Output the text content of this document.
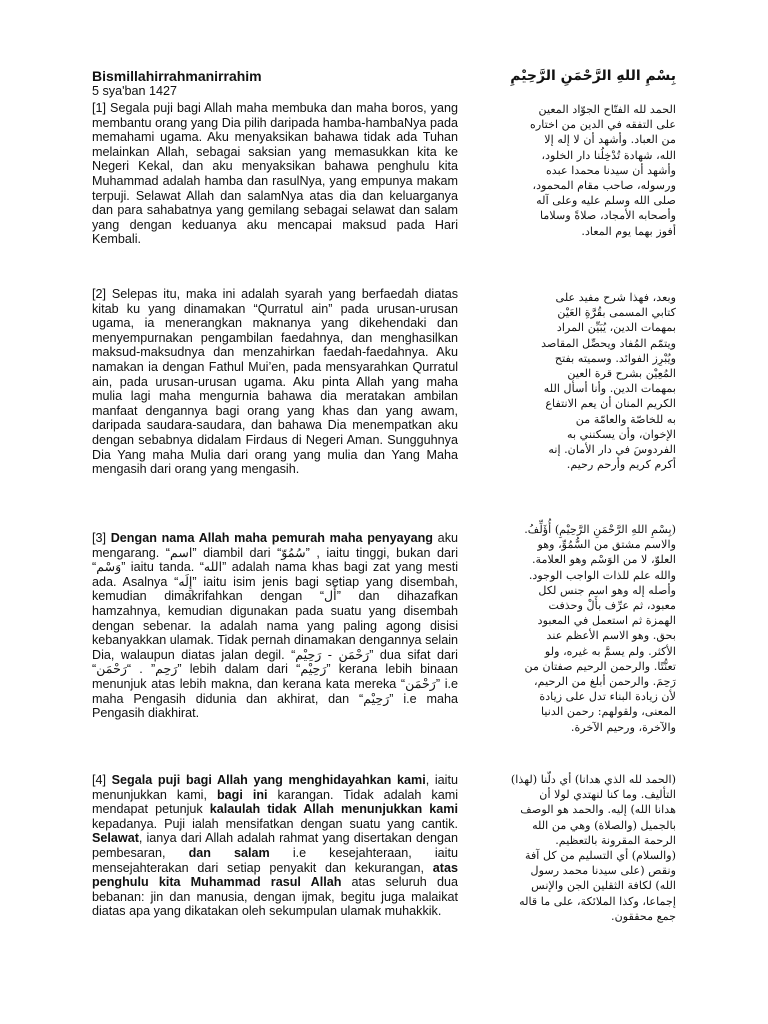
Bismillahirrahmanirrahim
5 sya'ban 1427
بِسْمِ اللهِ الرَّحْمَنِ الرَّحِيْمِ
[1] Segala puji bagi Allah maha membuka dan maha boros, yang membantu orang yang Dia pilih daripada hamba-hambaNya pada memahami ugama. Aku menyaksikan bahawa tidak ada Tuhan melainkan Allah, sebagai saksian yang memasukkan kita ke Negeri Kekal, dan aku menyaksikan bahawa penghulu kita Muhammad adalah hamba dan rasulNya, yang empunya makam terpuji. Selawat Allah dan salamNya atas dia dan keluarganya dan para sahabatnya yang gemilang sebagai selawat dan salam yang dengan keduanya aku mencapai maksud pada Hari Kembali.
الحمد لله الفتّاح الجوّاد المعين
على التفقه في الدين من اختاره
من العباد. وأشهد أن لا إله إلا
الله، شهادة تُدْخِلُنا دار الخلود،
وأشهد أن سيدنا محمدا عبده
ورسوله، صاحب مقام المحمود،
صلى الله وسلم عليه وعلى آله
وأصحابه الأمجاد، صلاةً وسلاما
أفوز بهما يوم المعاد.
[2] Selepas itu, maka ini adalah syarah yang berfaedah diatas kitab ku yang dinamakan “Qurratul ain” pada urusan-urusan ugama, ia menerangkan maknanya yang dikehendaki dan menyempurnakan pengambilan faedahnya, dan menghasilkan maksud-maksudnya dan menzahirkan faedah-faedahnya. Aku namakan ia dengan Fathul Mui’en, pada mensyarahkan Qurratul ain, pada urusan-urusan ugama. Aku pinta Allah yang maha mulia lagi maha mengurnia bahawa dia meratakan ambilan manfaat dengannya bagi orang yang khas dan yang awam, daripada saudara-saudara, dan bahawa Dia menempatkan aku dengan sebabnya didalam Firdaus di Negeri Aman. Sungguhnya Dia Yang maha Mulia dari orang yang mulia dan Yang Maha mengasih dari orang yang mengasih.
وبعد، فهذا شرح مفيد على
كتابي المسمى بقُرَّةِ العَيْن
بمهمات الدين، يُبَيِّن المراد
ويتمّم المُفاد ويحصِّل المقاصد
ويُبْرِز الفوائد. وسميته بفتح
المُعِيْن بشرح قرة العين
بمهمات الدين. وأنا أسأل الله
الكريم المنان أن يعم الانتفاع
به للخاصّة والعامّة من
الإخوان، وأن يسكنني به
الفردوسَ في دار الأمان. إنه
أكرم كريم وأرحم رحيم.
[3] Dengan nama Allah maha pemurah maha penyayang aku mengarang. “اسم” diambil dari “سُمُوّ” , iaitu tinggi, bukan dari “وَسْم” iaitu tanda. “الله” adalah nama khas bagi zat yang mesti ada. Asalnya “إِلَه” iaitu isim jenis bagi setiap yang disembah, kemudian dimakrifahkan dengan “أَل” dan dihazafkan hamzahnya, kemudian digunakan pada suatu yang disembah dengan sebenar. Ia adalah nama yang paling agong disisi kebanyakkan ulamak. Tidak pernah dinamakan dengannya selain Dia, walaupun diatas jalan degil. “رَحْمَن - رَحِيْم” dua sifat dari “رَحِم” . “رَحْمَن” lebih dalam dari “رَحِيْم” kerana lebih binaan menunjuk atas lebih makna, dan kerana kata mereka “رَحْمَن” i.e maha Pengasih didunia dan akhirat, dan “رَحِيْم” i.e maha Pengasih diakhirat.
(بِسْمِ اللهِ الرَّحْمَنِ الرَّحِيْمِ) أُؤَلِّفُ.
والاسم مشتق من السُّمُوِّ، وهو
العلوّ، لا من الوَسْم وهو العلامة.
والله علم للذات الواجب الوجود.
وأصله إله وهو اسم جنس لكل
معبود، ثم عرِّف بأَلْ وحذفت
الهمزة ثم استعمل في المعبود
بحق. وهو الاسم الأعظم عند
الأكثر. ولم يسمَّ به غيره، ولو
تعنُّتًا. والرحمن الرحيم صفتان من
رَحِمَ. والرحمن أبلغ من الرحيم،
لأن زيادة البناء تدل على زيادة
المعنى، ولقولهم: رحمن الدنيا
والآخرة، ورحيم الآخرة.
[4] Segala puji bagi Allah yang menghidayahkan kami, iaitu menunjukkan kami, bagi ini karangan. Tidak adalah kami mendapat petunjuk kalaulah tidak Allah menunjukkan kami kepadanya. Puji ialah mensifatkan dengan suatu yang cantik. Selawat, ianya dari Allah adalah rahmat yang disertakan dengan pembesaran, dan salam i.e kesejahteraan, iaitu mensejahterakan dari setiap penyakit dan kekurangan, atas penghulu kita Muhammad rasul Allah atas seluruh dua bebanan: jin dan manusia, dengan ijmak, begitu juga malaikat diatas apa yang dikatakan oleh sekumpulan ulamak muhakkik.
(الحمد لله الذي هدانا) أي دلّنا (لهذا)
التأليف. وما كنا لنهتدي لولا أن
هدانا الله) إليه. والحمد هو الوصف
بالجميل (والصلاة) وهي من الله
الرحمة المقرونة بالتعظيم.
(والسلام) أي التسليم من كل آفة
ونقص (على سيدنا محمد رسول
الله) لكافة الثقلين الجن والإنس
إجماعا، وكذا الملائكة، على ما قاله
جمع محققون.
